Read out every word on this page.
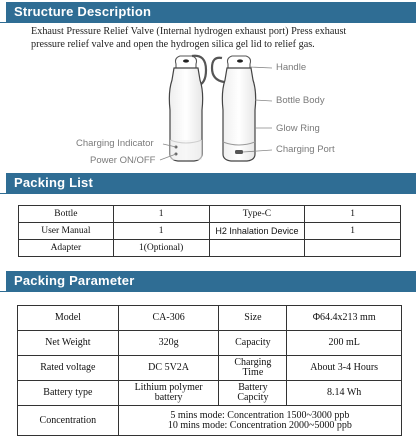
Structure Description
Exhaust Pressure Relief Valve (Internal hydrogen exhaust port) Press exhaust
pressure relief valve and open the hydrogen silica gel lid to relief gas.
Handle
Bottle Body
Glow Ring
Charging Port
Charging Indicator
Power ON/OFF
Packing List
Bottle	1	Type-C	1
User Manual	1	H2 Inhalation Device	1
Adapter	1(Optional)		
Packing Parameter
Model	CA-306	Size	Φ64.4x213 mm
Net Weight	320g	Capacity	200 mL
Rated voltage	DC 5V2A	Charging Time	About 3-4 Hours
Battery type	Lithium polymer battery	Battery Capcity	8.14 Wh
Concentration	5 mins mode: Concentration 1500~3000 ppb
10 mins mode: Concentration 2000~5000 ppb		
